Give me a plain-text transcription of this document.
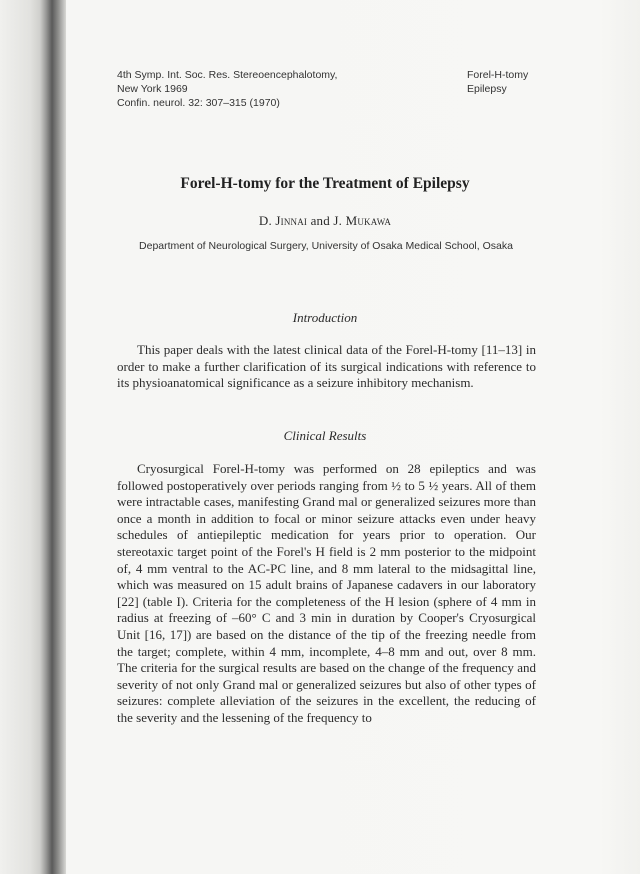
4th Symp. Int. Soc. Res. Stereoencephalotomy,
New York 1969
Confin. neurol. 32: 307–315 (1970)
Forel-H-tomy
Epilepsy
Forel-H-tomy for the Treatment of Epilepsy
D. Jinnai and J. Mukawa
Department of Neurological Surgery, University of Osaka Medical School, Osaka
Introduction
This paper deals with the latest clinical data of the Forel-H-tomy [11–13] in order to make a further clarification of its surgical indications with reference to its physioanatomical significance as a seizure inhibitory mechanism.
Clinical Results
Cryosurgical Forel-H-tomy was performed on 28 epileptics and was followed postoperatively over periods ranging from ½ to 5 ½ years. All of them were intractable cases, manifesting Grand mal or generalized seizures more than once a month in addition to focal or minor seizure attacks even under heavy schedules of antiepileptic medication for years prior to operation. Our stereotaxic target point of the Forel's H field is 2 mm posterior to the midpoint of, 4 mm ventral to the AC-PC line, and 8 mm lateral to the midsagittal line, which was measured on 15 adult brains of Japanese cadavers in our laboratory [22] (table I). Criteria for the completeness of the H lesion (sphere of 4 mm in radius at freezing of –60° C and 3 min in duration by Cooper's Cryosurgical Unit [16, 17]) are based on the distance of the tip of the freezing needle from the target; complete, within 4 mm, incomplete, 4–8 mm and out, over 8 mm. The criteria for the surgical results are based on the change of the frequency and severity of not only Grand mal or generalized seizures but also of other types of seizures: complete alleviation of the seizures in the excellent, the reducing of the severity and the lessening of the frequency to
